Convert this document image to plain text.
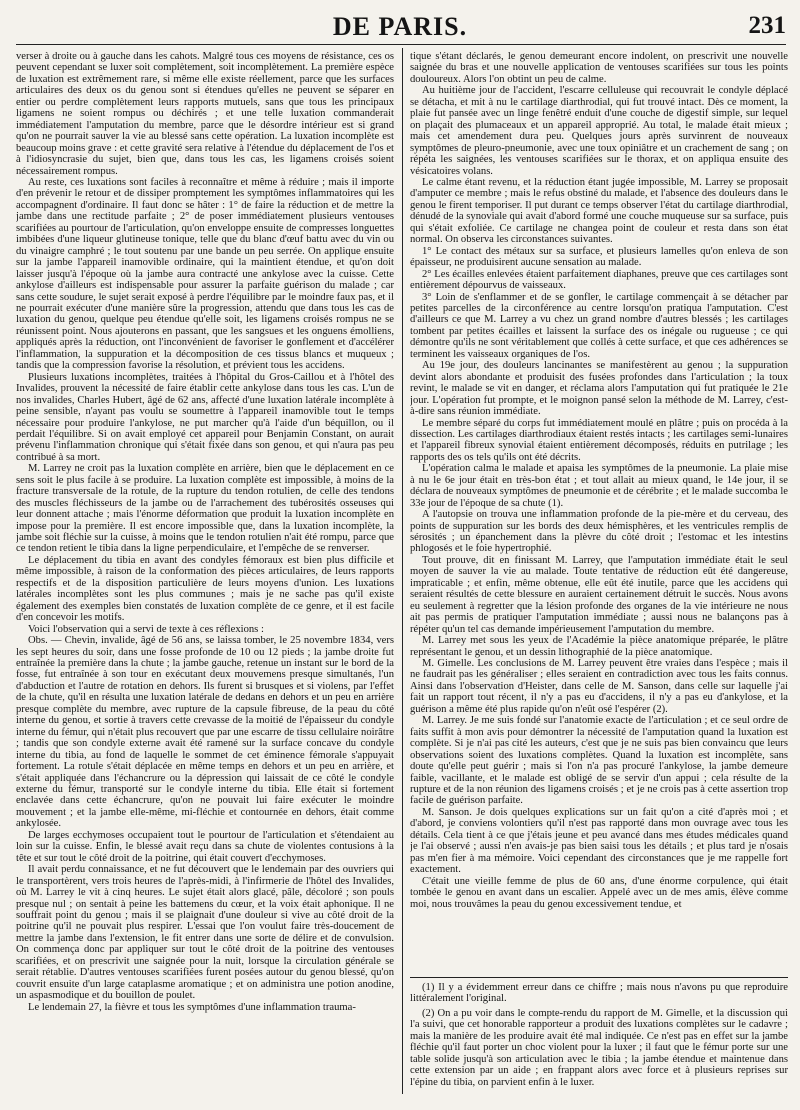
DE PARIS.	231

verser à droite ou à gauche dans les cahots. Malgré tous ces moyens de résistance, ces os peuvent cependant se luxer soit complètement, soit incomplètement. La première espèce de luxation est extrêmement rare, si même elle existe réellement, parce que les surfaces articulaires des deux os du genou sont si étendues qu'elles ne peuvent se séparer en entier ou perdre complètement leurs rapports mutuels, sans que tous les principaux ligamens ne soient rompus ou déchirés ; et une telle luxation commanderait immédiatement l'amputation du membre, parce que le désordre intérieur est si grand qu'on ne pourrait sauver la vie au blessé sans cette opération. La luxation incomplète est beaucoup moins grave : et cette gravité sera relative à l'étendue du déplacement de l'os et à l'idiosyncrasie du sujet, bien que, dans tous les cas, les ligamens croisés soient nécessairement rompus.

Au reste, ces luxations sont faciles à reconnaître et même à réduire ; mais il importe d'en prévenir le retour et de dissiper promptement les symptômes inflammatoires qui les accompagnent d'ordinaire. Il faut donc se hâter : 1° de faire la réduction et de mettre la jambe dans une rectitude parfaite ; 2° de poser immédiatement plusieurs ventouses scarifiées au pourtour de l'articulation, qu'on enveloppe ensuite de compresses longuettes imbibées d'une liqueur glutineuse tonique, telle que du blanc d'œuf battu avec du vin ou du vinaigre camphré ; le tout soutenu par une bande un peu serrée. On applique ensuite sur la jambe l'appareil inamovible ordinaire, qui la maintient étendue, et qu'on doit laisser jusqu'à l'époque où la jambe aura contracté une ankylose avec la cuisse. Cette ankylose d'ailleurs est indispensable pour assurer la parfaite guérison du malade ; car sans cette soudure, le sujet serait exposé à perdre l'équilibre par le moindre faux pas, et il ne pourrait exécuter d'une manière sûre la progression, attendu que dans tous les cas de luxation du genou, quelque peu étendue qu'elle soit, les ligamens croisés rompus ne se réunissent point. Nous ajouterons en passant, que les sangsues et les onguens émolliens, appliqués après la réduction, ont l'inconvénient de favoriser le gonflement et d'accélérer l'inflammation, la suppuration et la décomposition de ces tissus blancs et muqueux ; tandis que la compression favorise la résolution, et prévient tous les accidens.

Plusieurs luxations incomplètes, traitées à l'hôpital du Gros-Caillou et à l'hôtel des Invalides, prouvent la nécessité de faire établir cette ankylose dans tous les cas. L'un de nos invalides, Charles Hubert, âgé de 62 ans, affecté d'une luxation latérale incomplète à peine sensible, n'ayant pas voulu se soumettre à l'appareil inamovible tout le temps nécessaire pour produire l'ankylose, ne put marcher qu'à l'aide d'un béquillon, ou il perdait l'équilibre. Si on avait employé cet appareil pour Benjamin Constant, on aurait prévenu l'inflammation chronique qui s'était fixée dans son genou, et qui n'aura pas peu contribué à sa mort.

M. Larrey ne croit pas la luxation complète en arrière, bien que le déplacement en ce sens soit le plus facile à se produire. La luxation complète est impossible, à moins de la fracture transversale de la rotule, de la rupture du tendon rotulien, de celle des tendons des muscles fléchisseurs de la jambe ou de l'arrachement des tubérosités osseuses qui leur donnent attache ; mais l'énorme déformation que produit la luxation incomplète en impose pour la première. Il est encore impossible que, dans la luxation incomplète, la jambe soit fléchie sur la cuisse, à moins que le tendon rotulien n'ait été rompu, parce que ce tendon retient le tibia dans la ligne perpendiculaire, et l'empêche de se renverser.

Le déplacement du tibia en avant des condyles fémoraux est bien plus difficile et même impossible, à raison de la conformation des pièces articulaires, de leurs rapports respectifs et de la disposition particulière de leurs moyens d'union. Les luxations latérales incomplètes sont les plus communes ; mais je ne sache pas qu'il existe également des exemples bien constatés de luxation complète de ce genre, et il est facile d'en concevoir les motifs.

Voici l'observation qui a servi de texte à ces réflexions :

Obs. — Chevin, invalide, âgé de 56 ans, se laissa tomber, le 25 novembre 1834, vers les sept heures du soir, dans une fosse profonde de 10 ou 12 pieds ; la jambe droite fut entraînée la première dans la chute ; la jambe gauche, retenue un instant sur le bord de la fosse, fut entraînée à son tour en exécutant deux mouvemens presque simultanés, l'un d'abduction et l'autre de rotation en dehors. Ils furent si brusques et si violens, par l'effet de la chute, qu'il en résulta une luxation latérale de dedans en dehors et un peu en arrière presque complète du membre, avec rupture de la capsule fibreuse, de la peau du côté interne du genou, et sortie à travers cette crevasse de la moitié de l'épaisseur du condyle interne du fémur, qui n'était plus recouvert que par une escarre de tissu cellulaire noirâtre ; tandis que son condyle externe avait été ramené sur la surface concave du condyle interne du tibia, au fond de laquelle le sommet de cet éminence fémorale s'appuyait fortement. La rotule s'était déplacée en même temps en dehors et un peu en arrière, et s'était appliquée dans l'échancrure ou la dépression qui laissait de ce côté le condyle externe du fémur, transporté sur le condyle interne du tibia. Elle était si fortement enclavée dans cette échancrure, qu'on ne pouvait lui faire exécuter le moindre mouvement ; et la jambe elle-même, mi-fléchie et contournée en dehors, était comme ankylosée.

De larges ecchymoses occupaient tout le pourtour de l'articulation et s'étendaient au loin sur la cuisse. Enfin, le blessé avait reçu dans sa chute de violentes contusions à la tête et sur tout le côté droit de la poitrine, qui était couvert d'ecchymoses.

Il avait perdu connaissance, et ne fut découvert que le lendemain par des ouvriers qui le transportèrent, vers trois heures de l'après-midi, à l'infirmerie de l'hôtel des Invalides, où M. Larrey le vit à cinq heures. Le sujet était alors glacé, pâle, décoloré ; son pouls presque nul ; on sentait à peine les battemens du cœur, et la voix était aphonique. Il ne souffrait point du genou ; mais il se plaignait d'une douleur si vive au côté droit de la poitrine qu'il ne pouvait plus respirer. L'essai que l'on voulut faire très-doucement de mettre la jambe dans l'extension, le fit entrer dans une sorte de délire et de convulsion. On commença donc par appliquer sur tout le côté droit de la poitrine des ventouses scarifiées, et on prescrivit une saignée pour la nuit, lorsque la circulation générale se serait rétablie. D'autres ventouses scarifiées furent posées autour du genou blessé, qu'on couvrit ensuite d'un large cataplasme aromatique ; et on administra une potion anodine, un aspasmodique et du bouillon de poulet.

Le lendemain 27, la fièvre et tous les symptômes d'une inflammation trauma-

tique s'étant déclarés, le genou demeurant encore indolent, on prescrivit une nouvelle saignée du bras et une nouvelle application de ventouses scarifiées sur tous les points douloureux. Alors l'on obtint un peu de calme.

Au huitième jour de l'accident, l'escarre celluleuse qui recouvrait le condyle déplacé se détacha, et mit à nu le cartilage diarthrodial, qui fut trouvé intact. Dès ce moment, la plaie fut pansée avec un linge fenêtré enduit d'une couche de digestif simple, sur lequel on plaçait des plumaceaux et un appareil approprié. Au total, le malade était mieux ; mais cet amendement dura peu. Quelques jours après survinrent de nouveaux symptômes de pleuro-pneumonie, avec une toux opiniâtre et un crachement de sang ; on répéta les saignées, les ventouses scarifiées sur le thorax, et on appliqua ensuite des vésicatoires volans.

Le calme étant revenu, et la réduction étant jugée impossible, M. Larrey se proposait d'amputer ce membre ; mais le refus obstiné du malade, et l'absence des douleurs dans le genou le firent temporiser. Il put durant ce temps observer l'état du cartilage diarthrodial, dénudé de la synoviale qui avait d'abord formé une couche muqueuse sur sa surface, puis qui s'était exfoliée. Ce cartilage ne changea point de couleur et resta dans son état normal. On observa les circonstances suivantes.

1° Le contact des métaux sur sa surface, et plusieurs lamelles qu'on enleva de son épaisseur, ne produisirent aucune sensation au malade.

2° Les écailles enlevées étaient parfaitement diaphanes, preuve que ces cartilages sont entièrement dépourvus de vaisseaux.

3° Loin de s'enflammer et de se gonfler, le cartilage commençait à se détacher par petites parcelles de la circonférence au centre lorsqu'on pratiqua l'amputation. C'est d'ailleurs ce que M. Larrey a vu chez un grand nombre d'autres blessés ; les cartilages tombent par petites écailles et laissent la surface des os inégale ou rugueuse ; ce qui démontre qu'ils ne sont véritablement que collés à cette surface, et que ces adhérences se terminent les vaisseaux organiques de l'os.

Au 19e jour, des douleurs lancinantes se manifestèrent au genou ; la suppuration devint alors abondante et produisit des fusées profondes dans l'articulation ; la toux revint, le malade se vit en danger, et réclama alors l'amputation qui fut pratiquée le 21e jour. L'opération fut prompte, et le moignon pansé selon la méthode de M. Larrey, c'est-à-dire sans réunion immédiate.

Le membre séparé du corps fut immédiatement moulé en plâtre ; puis on procéda à la dissection. Les cartilages diarthrodiaux étaient restés intacts ; les cartilages semi-lunaires et l'appareil fibreux synovial étaient entièrement décomposés, réduits en putrilage ; les rapports des os tels qu'ils ont été décrits.

L'opération calma le malade et apaisa les symptômes de la pneumonie. La plaie mise à nu le 6e jour était en très-bon état ; et tout allait au mieux quand, le 14e jour, il se déclara de nouveaux symptômes de pneumonie et de cérébrite ; et le malade succomba le 33e jour de l'époque de sa chute (1).

A l'autopsie on trouva une inflammation profonde de la pie-mère et du cerveau, des points de suppuration sur les bords des deux hémisphères, et les ventricules remplis de sérosités ; un épanchement dans la plèvre du côté droit ; l'estomac et les intestins phlogosés et le foie hypertrophié.

Tout prouve, dit en finissant M. Larrey, que l'amputation immédiate était le seul moyen de sauver la vie au malade. Toute tentative de réduction eût été dangereuse, impraticable ; et enfin, même obtenue, elle eût été inutile, parce que les accidens qui seraient résultés de cette blessure en auraient certainement détruit le succès. Nous avons eu seulement à regretter que la lésion profonde des organes de la vie intérieure ne nous ait pas permis de pratiquer l'amputation immédiate ; aussi nous ne balançons pas à répéter qu'un tel cas demande impérieusement l'amputation du membre.

M. Larrey met sous les yeux de l'Académie la pièce anatomique préparée, le plâtre représentant le genou, et un dessin lithographié de la pièce anatomique.

M. Gimelle. Les conclusions de M. Larrey peuvent être vraies dans l'espèce ; mais il ne faudrait pas les généraliser ; elles seraient en contradiction avec tous les faits connus. Ainsi dans l'observation d'Heister, dans celle de M. Sanson, dans celle sur laquelle j'ai fait un rapport tout récent, il n'y a pas eu d'accidens, il n'y a pas eu d'ankylose, et la guérison a même été plus rapide qu'on n'eût osé l'espérer (2).

M. Larrey. Je me suis fondé sur l'anatomie exacte de l'articulation ; et ce seul ordre de faits suffit à mon avis pour démontrer la nécessité de l'amputation quand la luxation est complète. Si je n'ai pas cité les auteurs, c'est que je ne suis pas bien convaincu que leurs observations soient des luxations complètes. Quand la luxation est incomplète, sans doute qu'elle peut guérir ; mais si l'on n'a pas procuré l'ankylose, la jambe demeure faible, vacillante, et le malade est obligé de se servir d'un appui ; cela résulte de la rupture et de la non réunion des ligamens croisés ; et je ne crois pas à cette assertion trop facile de guérison parfaite.

M. Sanson. Je dois quelques explications sur un fait qu'on a cité d'après moi ; et d'abord, je conviens volontiers qu'il n'est pas rapporté dans mon ouvrage avec tous les détails. Cela tient à ce que j'étais jeune et peu avancé dans mes études médicales quand je l'ai observé ; aussi n'en avais-je pas bien saisi tous les détails ; et plus tard je n'osais pas m'en fier à ma mémoire. Voici cependant des circonstances que je me rappelle fort exactement.

C'était une vieille femme de plus de 60 ans, d'une énorme corpulence, qui était tombée le genou en avant dans un escalier. Appelé avec un de mes amis, élève comme moi, nous trouvâmes la peau du genou excessivement tendue, et

(1) Il y a évidemment erreur dans ce chiffre ; mais nous n'avons pu que reproduire littéralement l'original.

(2) On a pu voir dans le compte-rendu du rapport de M. Gimelle, et la discussion qui l'a suivi, que cet honorable rapporteur a produit des luxations complètes sur le cadavre ; mais la manière de les produire avait été mal indiquée. Ce n'est pas en effet sur la jambe fléchie qu'il faut porter un choc violent pour la luxer ; il faut que le fémur porte sur une table solide jusqu'à son articulation avec le tibia ; la jambe étendue et maintenue dans cette extension par un aide ; en frappant alors avec force et à plusieurs reprises sur l'épine du tibia, on parvient enfin à le luxer.
